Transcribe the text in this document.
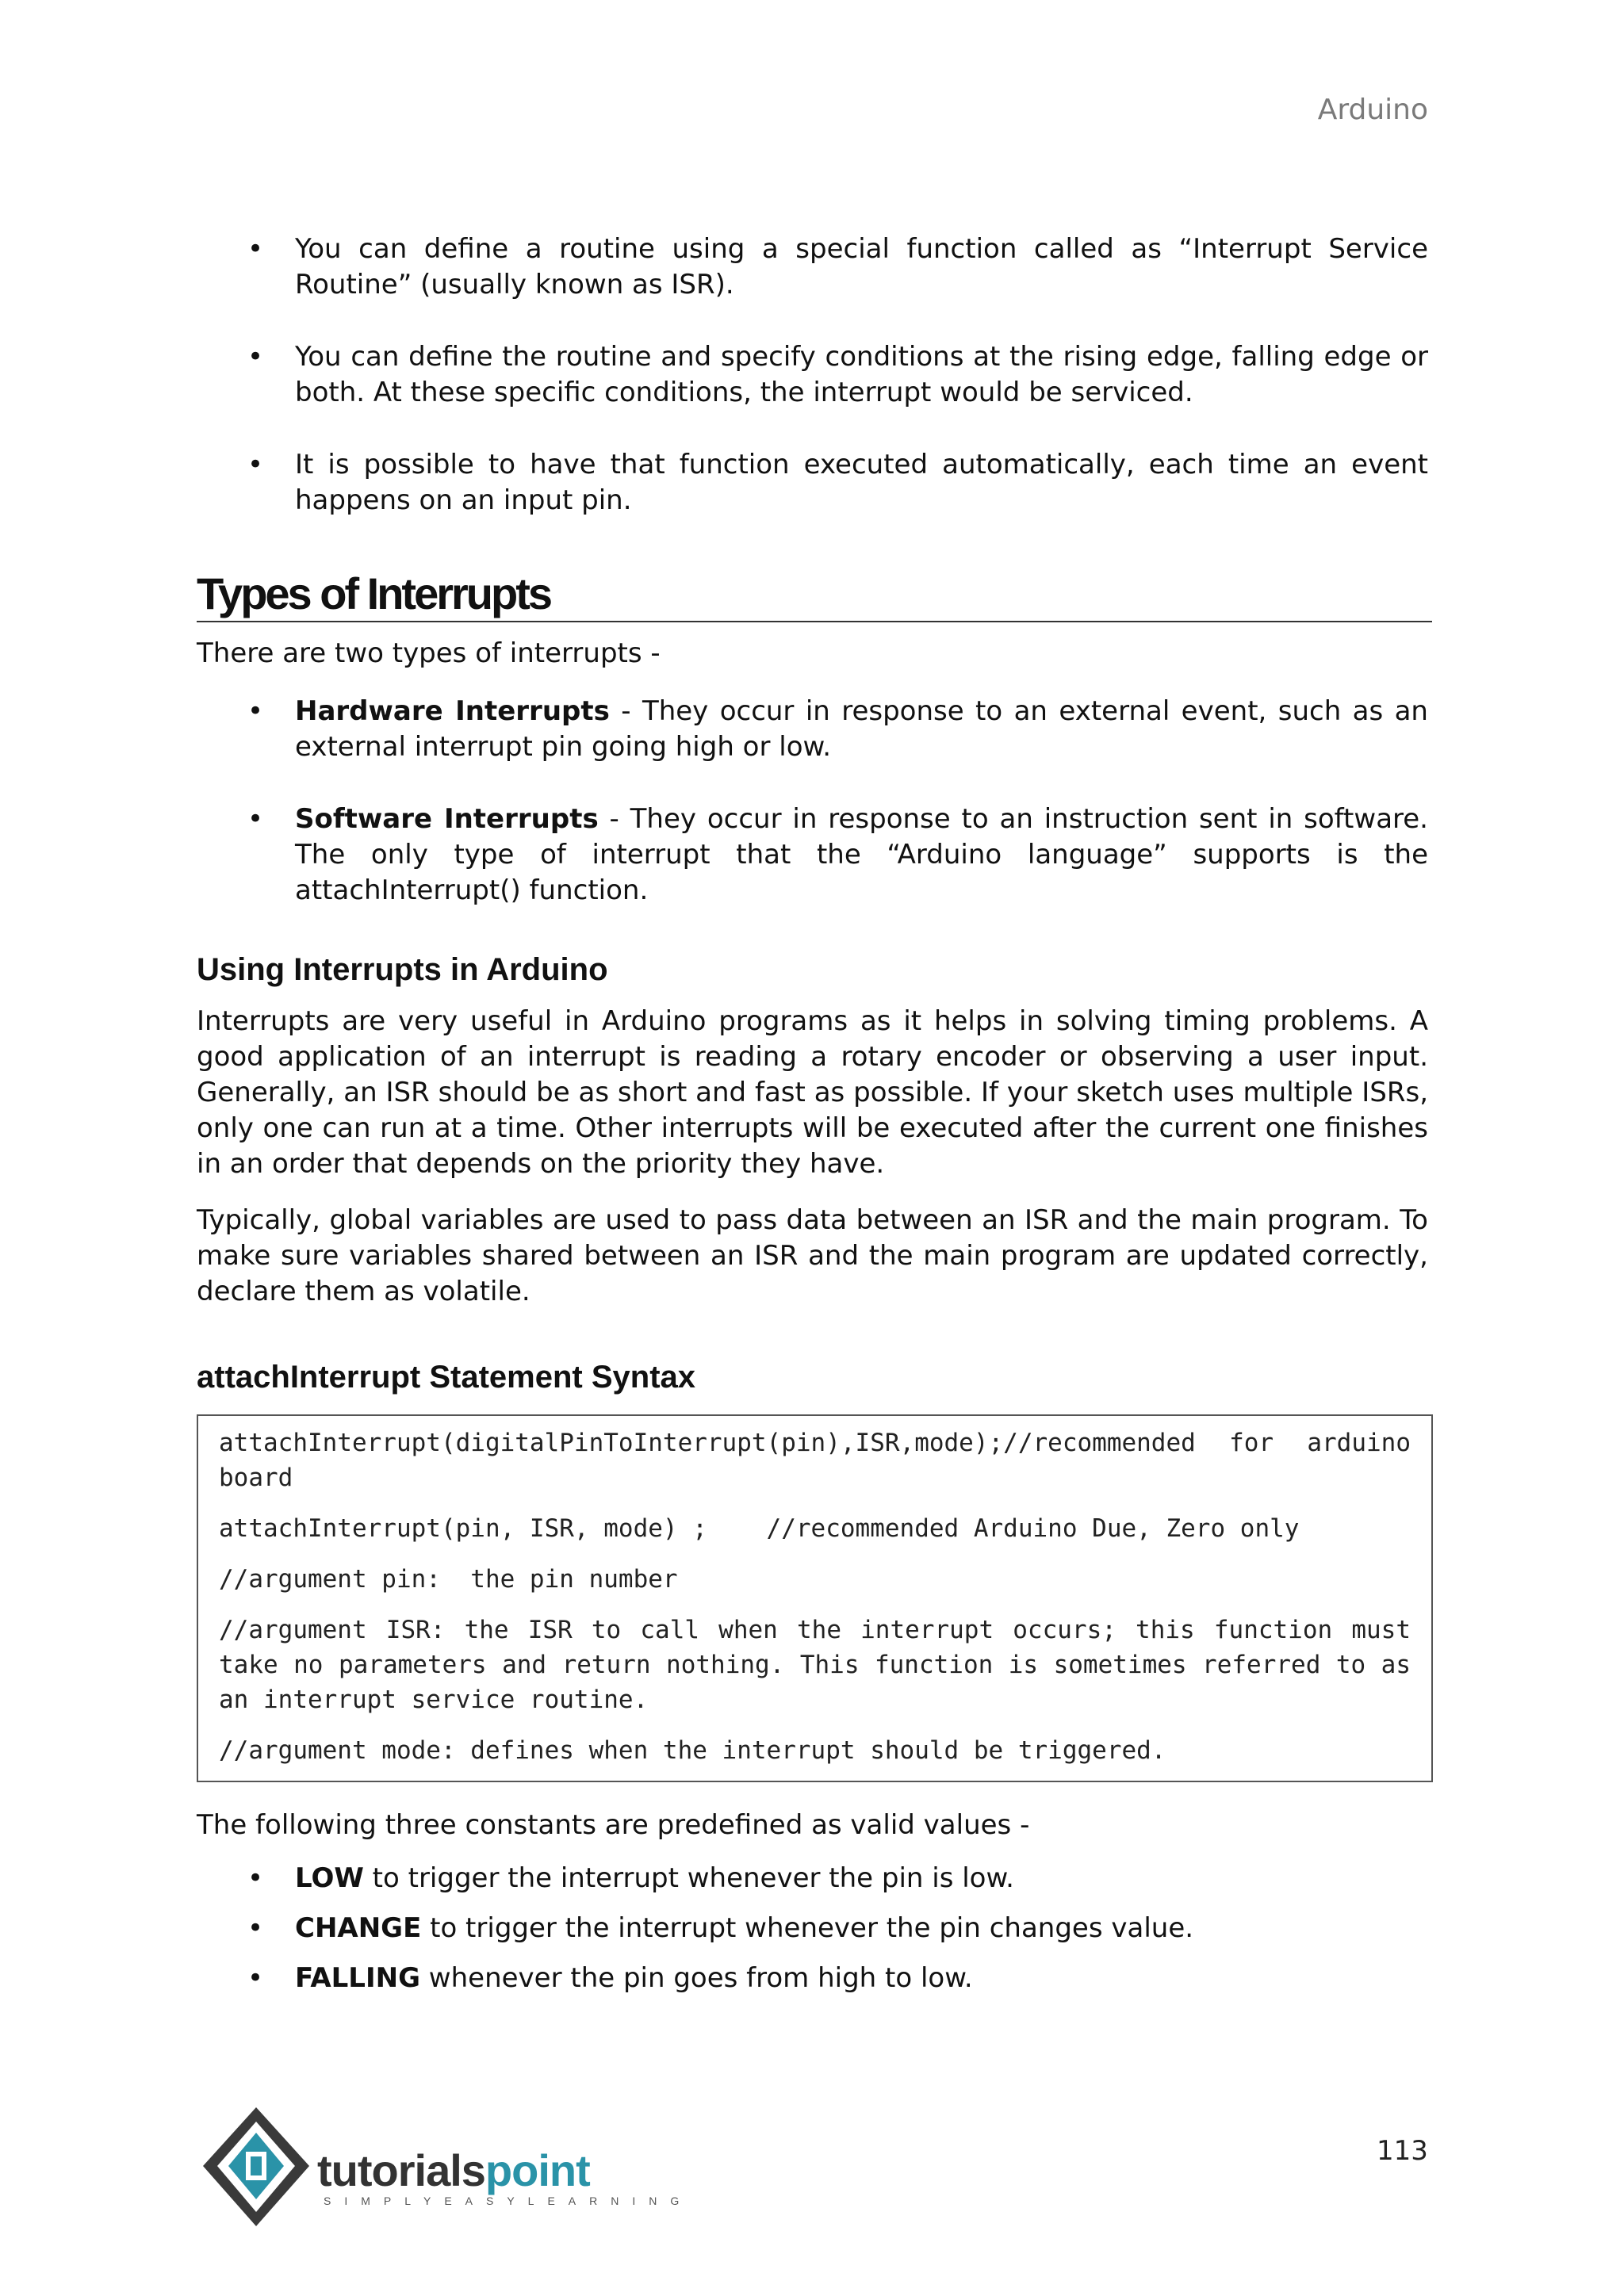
Arduino
• You can define a routine using a special function called as “Interrupt Service Routine” (usually known as ISR).
• You can define the routine and specify conditions at the rising edge, falling edge or both. At these specific conditions, the interrupt would be serviced.
• It is possible to have that function executed automatically, each time an event happens on an input pin.
Types of Interrupts

There are two types of interrupts -

• Hardware Interrupts - They occur in response to an external event, such as an external interrupt pin going high or low.
• Software Interrupts - They occur in response to an instruction sent in software. The only type of interrupt that the “Arduino language” supports is the attachInterrupt() function.
Using Interrupts in Arduino

Interrupts are very useful in Arduino programs as it helps in solving timing problems. A good application of an interrupt is reading a rotary encoder or observing a user input. Generally, an ISR should be as short and fast as possible. If your sketch uses multiple ISRs, only one can run at a time. Other interrupts will be executed after the current one finishes in an order that depends on the priority they have.

Typically, global variables are used to pass data between an ISR and the main program. To make sure variables shared between an ISR and the main program are updated correctly, declare them as volatile.

attachInterrupt Statement Syntax

attachInterrupt(digitalPinToInterrupt(pin),ISR,mode);//recommended for arduino board

attachInterrupt(pin, ISR, mode) ;    //recommended Arduino Due, Zero only

//argument pin:  the pin number

//argument ISR: the ISR to call when the interrupt occurs; this function must take no parameters and return nothing. This function is sometimes referred to as an interrupt service routine.

//argument mode: defines when the interrupt should be triggered.

The following three constants are predefined as valid values -

• LOW to trigger the interrupt whenever the pin is low.
• CHANGE to trigger the interrupt whenever the pin changes value.
• FALLING whenever the pin goes from high to low.
tutorialspoint
SIMPLYEASYLEARNING
113
